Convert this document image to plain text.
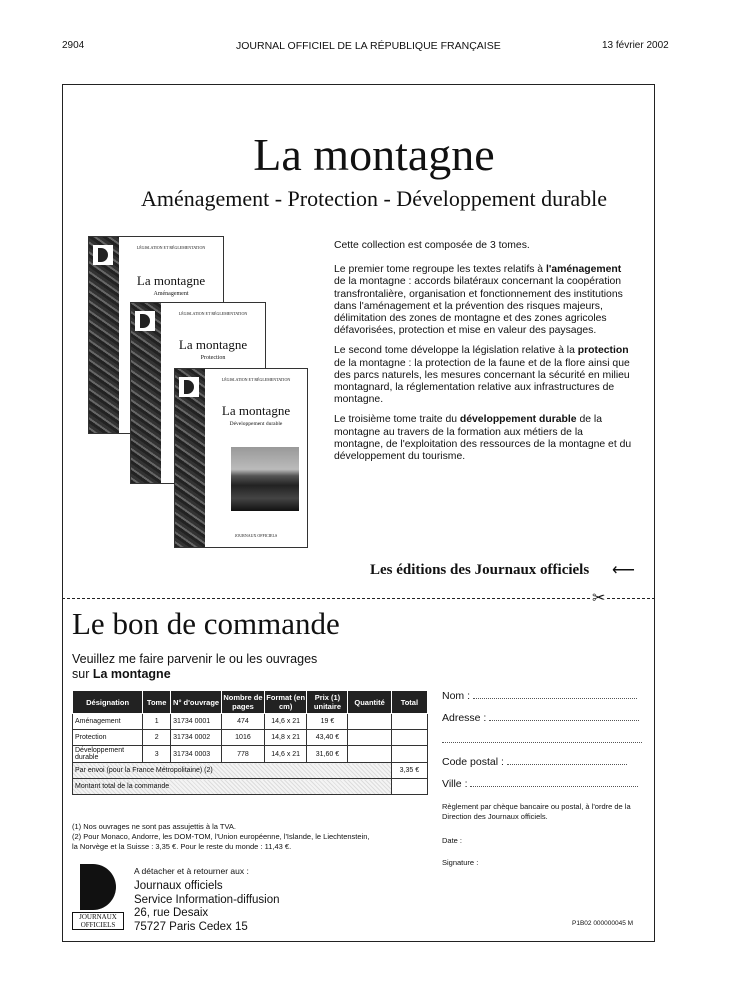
2904	JOURNAL OFFICIEL DE LA RÉPUBLIQUE FRANÇAISE	13 février 2002
La montagne
Aménagement - Protection - Développement durable
LÉGISLATION ET RÉGLEMENTATION
La montagne
Aménagement
LÉGISLATION ET RÉGLEMENTATION
La montagne
Protection
LÉGISLATION ET RÉGLEMENTATION
La montagne
Développement durable
JOURNAUX OFFICIELS

Cette collection est composée de 3 tomes.

Le premier tome regroupe les textes relatifs à l'aménagement de la montagne : accords bilatéraux concernant la coopération transfrontalière, organisation et fonctionnement des institutions dans l'aménagement et la prévention des risques majeurs, délimitation des zones de montagne et des zones agricoles défavorisées, protection et mise en valeur des paysages.

Le second tome développe la législation relative à la protection de la montagne : la protection de la faune et de la flore ainsi que des parcs naturels, les mesures concernant la sécurité en milieu montagnard, la réglementation relative aux infrastructures de montagne.

Le troisième tome traite du développement durable de la montagne au travers de la formation aux métiers de la montagne, de l'exploitation des ressources de la montagne et du développement du tourisme.

Les éditions des Journaux officiels ⟵
✂
Le bon de commande
Veuillez me faire parvenir le ou les ouvrages
sur La montagne
Désignation	Tome	N° d'ouvrage	Nombre de pages	Format (en cm)	Prix (1) unitaire	Quantité	Total
Aménagement	1	31734 0001	474	14,6 x 21	19 €		
Protection	2	31734 0002	1016	14,8 x 21	43,40 €		
Développement durable	3	31734 0003	778	14,6 x 21	31,60 €		
Par envoi (pour la France Métropolitaine) (2)							3,35 €
Montant total de la commande							
(1) Nos ouvrages ne sont pas assujettis à la TVA.
(2) Pour Monaco, Andorre, les DOM-TOM, l'Union européenne, l'Islande, le Liechtenstein,
la Norvège et la Suisse : 3,35 €. Pour le reste du monde : 11,43 €.
JOURNAUX
OFFICIELS
A détacher et à retourner aux :
Journaux officiels
Service Information-diffusion
26, rue Desaix
75727 Paris Cedex 15
Nom :
Adresse :
Code postal :
Ville :
Règlement par chèque bancaire ou postal, à l'ordre de la Direction des Journaux officiels.
Date :
Signature :
P1B02 000000045 M
